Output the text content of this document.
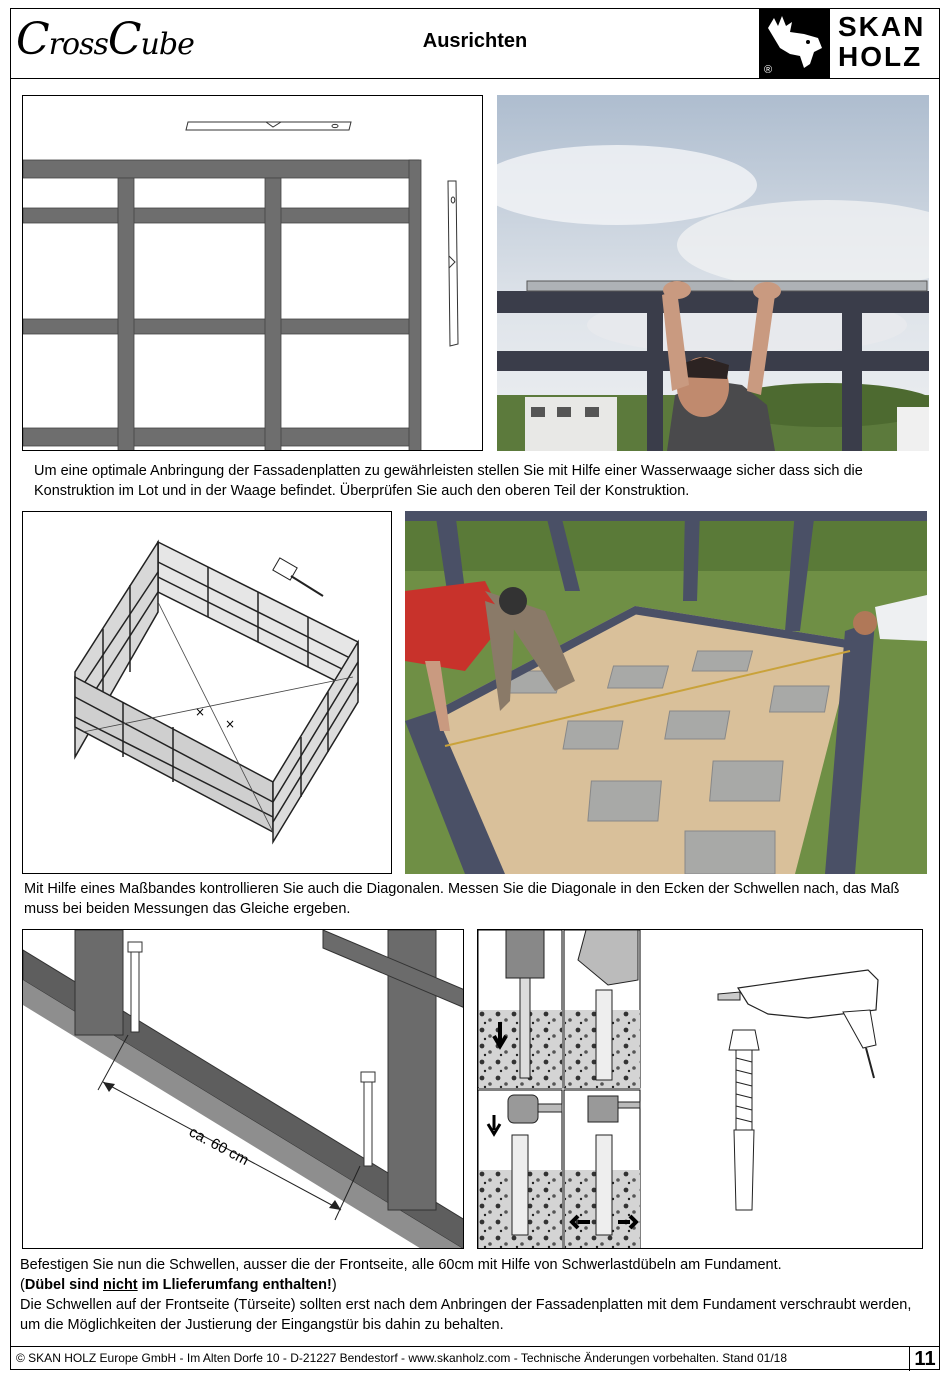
CrossCube	Ausrichten
®
SKAN
HOLZ
Um eine optimale Anbringung der Fassadenplatten zu gewährleisten stellen Sie mit Hilfe einer Wasserwaage sicher dass sich die Konstruktion im Lot und in der Waage befindet. Überprüfen Sie auch den oberen Teil der Konstruktion.
×
×
Mit Hilfe eines Maßbandes kontrollieren Sie auch die Diagonalen. Messen Sie die Diagonale in den Ecken der Schwellen nach, das Maß muss bei beiden Messungen das Gleiche ergeben.
ca. 60 cm
Befestigen Sie nun die Schwellen, ausser die der Frontseite, alle 60cm mit Hilfe von Schwerlastdübeln am Fundament.
(Dübel sind nicht im Llieferumfang enthalten!)
Die Schwellen auf der Frontseite (Türseite) sollten erst nach dem Anbringen der Fassadenplatten mit dem Fundament verschraubt werden, um die Möglichkeiten der Justierung der Eingangstür bis dahin zu behalten.
© SKAN HOLZ Europe GmbH - Im Alten Dorfe 10 - D-21227 Bendestorf - www.skanholz.com - Technische Änderungen vorbehalten. Stand 01/18	11
